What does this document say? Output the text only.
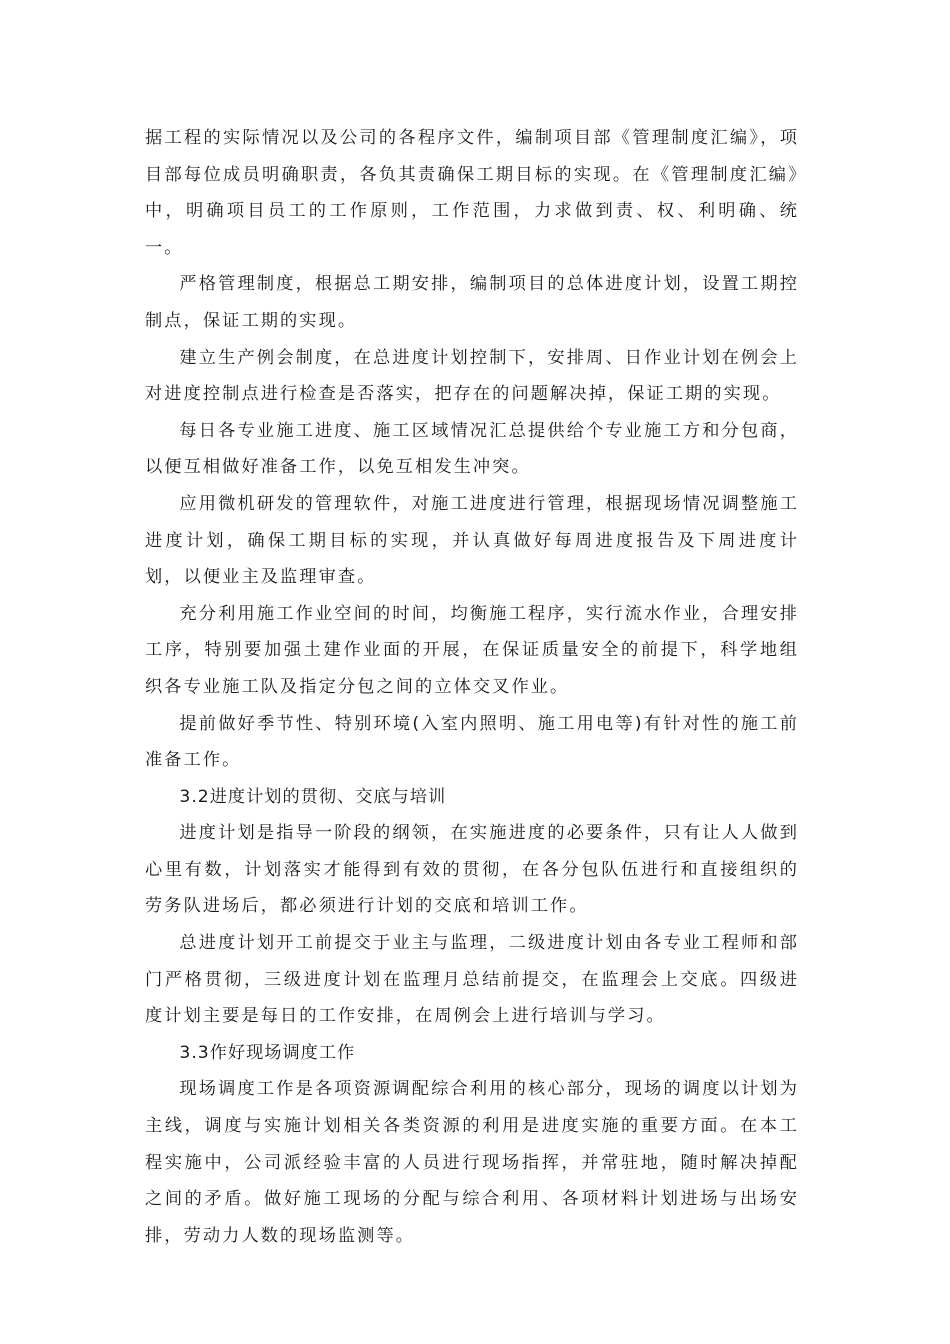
据工程的实际情况以及公司的各程序文件，编制项目部《管理制度汇编》，项目部每位成员明确职责，各负其责确保工期目标的实现。在《管理制度汇编》中，明确项目员工的工作原则，工作范围，力求做到责、权、利明确、统一。

严格管理制度，根据总工期安排，编制项目的总体进度计划，设置工期控制点，保证工期的实现。

建立生产例会制度，在总进度计划控制下，安排周、日作业计划在例会上对进度控制点进行检查是否落实，把存在的问题解决掉，保证工期的实现。

每日各专业施工进度、施工区域情况汇总提供给个专业施工方和分包商，以便互相做好准备工作，以免互相发生冲突。

应用微机研发的管理软件，对施工进度进行管理，根据现场情况调整施工进度计划，确保工期目标的实现，并认真做好每周进度报告及下周进度计划，以便业主及监理审查。

充分利用施工作业空间的时间，均衡施工程序，实行流水作业，合理安排工序，特别要加强土建作业面的开展，在保证质量安全的前提下，科学地组织各专业施工队及指定分包之间的立体交叉作业。

提前做好季节性、特别环境(入室内照明、施工用电等)有针对性的施工前准备工作。

3.2进度计划的贯彻、交底与培训

进度计划是指导一阶段的纲领，在实施进度的必要条件，只有让人人做到心里有数，计划落实才能得到有效的贯彻，在各分包队伍进行和直接组织的劳务队进场后，都必须进行计划的交底和培训工作。

总进度计划开工前提交于业主与监理，二级进度计划由各专业工程师和部门严格贯彻，三级进度计划在监理月总结前提交，在监理会上交底。四级进度计划主要是每日的工作安排，在周例会上进行培训与学习。

3.3作好现场调度工作

现场调度工作是各项资源调配综合利用的核心部分，现场的调度以计划为主线，调度与实施计划相关各类资源的利用是进度实施的重要方面。在本工程实施中，公司派经验丰富的人员进行现场指挥，并常驻地，随时解决掉配之间的矛盾。做好施工现场的分配与综合利用、各项材料计划进场与出场安排，劳动力人数的现场监测等。
